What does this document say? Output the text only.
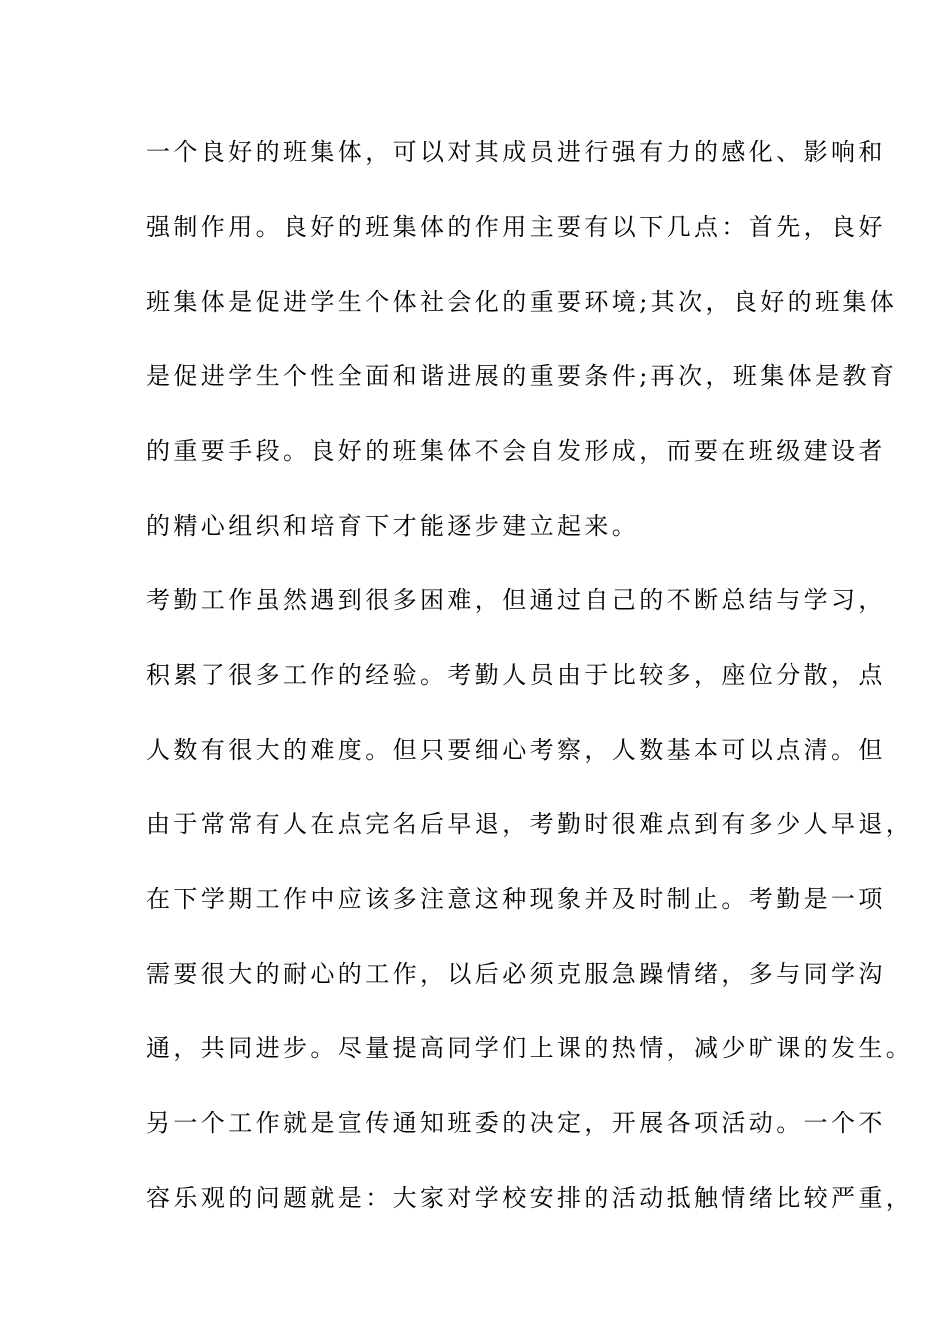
一个良好的班集体，可以对其成员进行强有力的感化、影响和
强制作用。良好的班集体的作用主要有以下几点：首先，良好
班集体是促进学生个体社会化的重要环境;其次，良好的班集体
是促进学生个性全面和谐进展的重要条件;再次，班集体是教育
的重要手段。良好的班集体不会自发形成，而要在班级建设者
的精心组织和培育下才能逐步建立起来。
考勤工作虽然遇到很多困难，但通过自己的不断总结与学习，
积累了很多工作的经验。考勤人员由于比较多，座位分散，点
人数有很大的难度。但只要细心考察，人数基本可以点清。但
由于常常有人在点完名后早退，考勤时很难点到有多少人早退，
在下学期工作中应该多注意这种现象并及时制止。考勤是一项
需要很大的耐心的工作，以后必须克服急躁情绪，多与同学沟
通，共同进步。尽量提高同学们上课的热情，减少旷课的发生。
另一个工作就是宣传通知班委的决定，开展各项活动。一个不
容乐观的问题就是：大家对学校安排的活动抵触情绪比较严重，
